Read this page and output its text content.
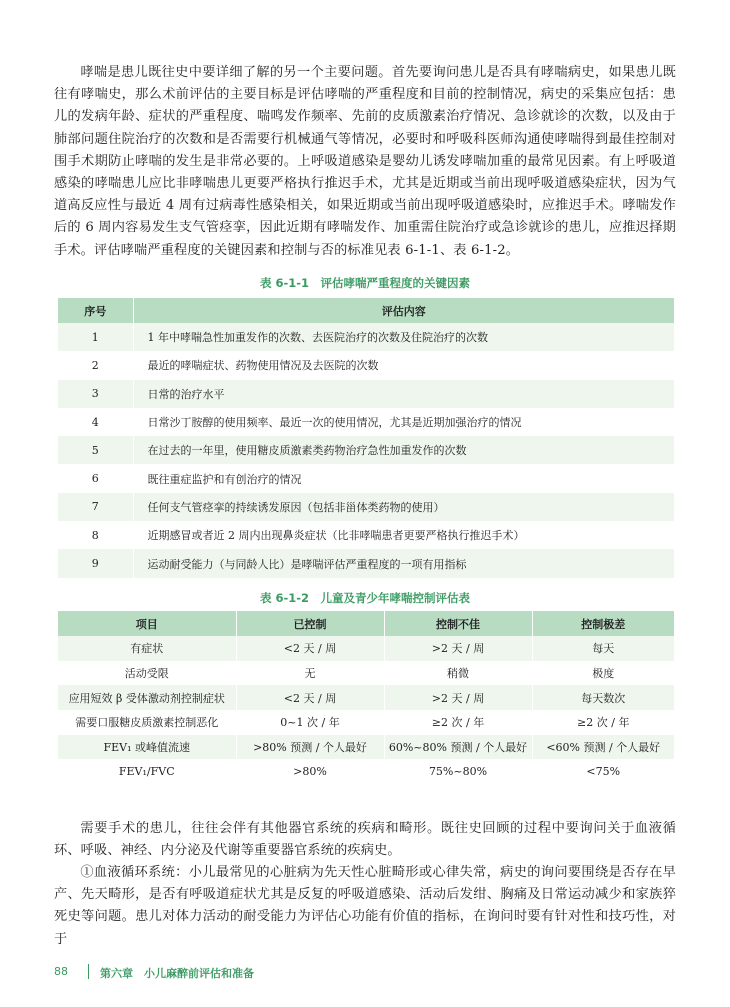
哮喘是患儿既往史中要详细了解的另一个主要问题。首先要询问患儿是否具有哮喘病史，如果患儿既往有哮喘史，那么术前评估的主要目标是评估哮喘的严重程度和目前的控制情况，病史的采集应包括：患儿的发病年龄、症状的严重程度、喘鸣发作频率、先前的皮质激素治疗情况、急诊就诊的次数，以及由于肺部问题住院治疗的次数和是否需要行机械通气等情况，必要时和呼吸科医师沟通使哮喘得到最佳控制对围手术期防止哮喘的发生是非常必要的。上呼吸道感染是婴幼儿诱发哮喘加重的最常见因素。有上呼吸道感染的哮喘患儿应比非哮喘患儿更要严格执行推迟手术，尤其是近期或当前出现呼吸道感染症状，因为气道高反应性与最近 4 周有过病毒性感染相关，如果近期或当前出现呼吸道感染时，应推迟手术。哮喘发作后的 6 周内容易发生支气管痉挛，因此近期有哮喘发作、加重需住院治疗或急诊就诊的患儿，应推迟择期手术。评估哮喘严重程度的关键因素和控制与否的标准见表 6-1-1、表 6-1-2。

表 6-1-1　评估哮喘严重程度的关键因素
序号	评估内容
1	1 年中哮喘急性加重发作的次数、去医院治疗的次数及住院治疗的次数
2	最近的哮喘症状、药物使用情况及去医院的次数
3	日常的治疗水平
4	日常沙丁胺醇的使用频率、最近一次的使用情况，尤其是近期加强治疗的情况
5	在过去的一年里，使用糖皮质激素类药物治疗急性加重发作的次数
6	既往重症监护和有创治疗的情况
7	任何支气管痉挛的持续诱发原因（包括非甾体类药物的使用）
8	近期感冒或者近 2 周内出现鼻炎症状（比非哮喘患者更要严格执行推迟手术）
9	运动耐受能力（与同龄人比）是哮喘评估严重程度的一项有用指标
表 6-1-2　儿童及青少年哮喘控制评估表
项目	已控制	控制不佳	控制极差
有症状	<2 天 / 周	>2 天 / 周	每天
活动受限	无	稍微	极度
应用短效 β 受体激动剂控制症状	<2 天 / 周	>2 天 / 周	每天数次
需要口服糖皮质激素控制恶化	0~1 次 / 年	≥2 次 / 年	≥2 次 / 年
FEV₁ 或峰值流速	>80% 预测 / 个人最好	60%~80% 预测 / 个人最好	<60% 预测 / 个人最好
FEV₁/FVC	>80%	75%~80%	<75%

需要手术的患儿，往往会伴有其他器官系统的疾病和畸形。既往史回顾的过程中要询问关于血液循环、呼吸、神经、内分泌及代谢等重要器官系统的疾病史。

①血液循环系统：小儿最常见的心脏病为先天性心脏畸形或心律失常，病史的询问要围绕是否存在早产、先天畸形，是否有呼吸道症状尤其是反复的呼吸道感染、活动后发绀、胸痛及日常运动减少和家族猝死史等问题。患儿对体力活动的耐受能力为评估心功能有价值的指标，在询问时要有针对性和技巧性，对于

88	第六章　小儿麻醉前评估和准备
